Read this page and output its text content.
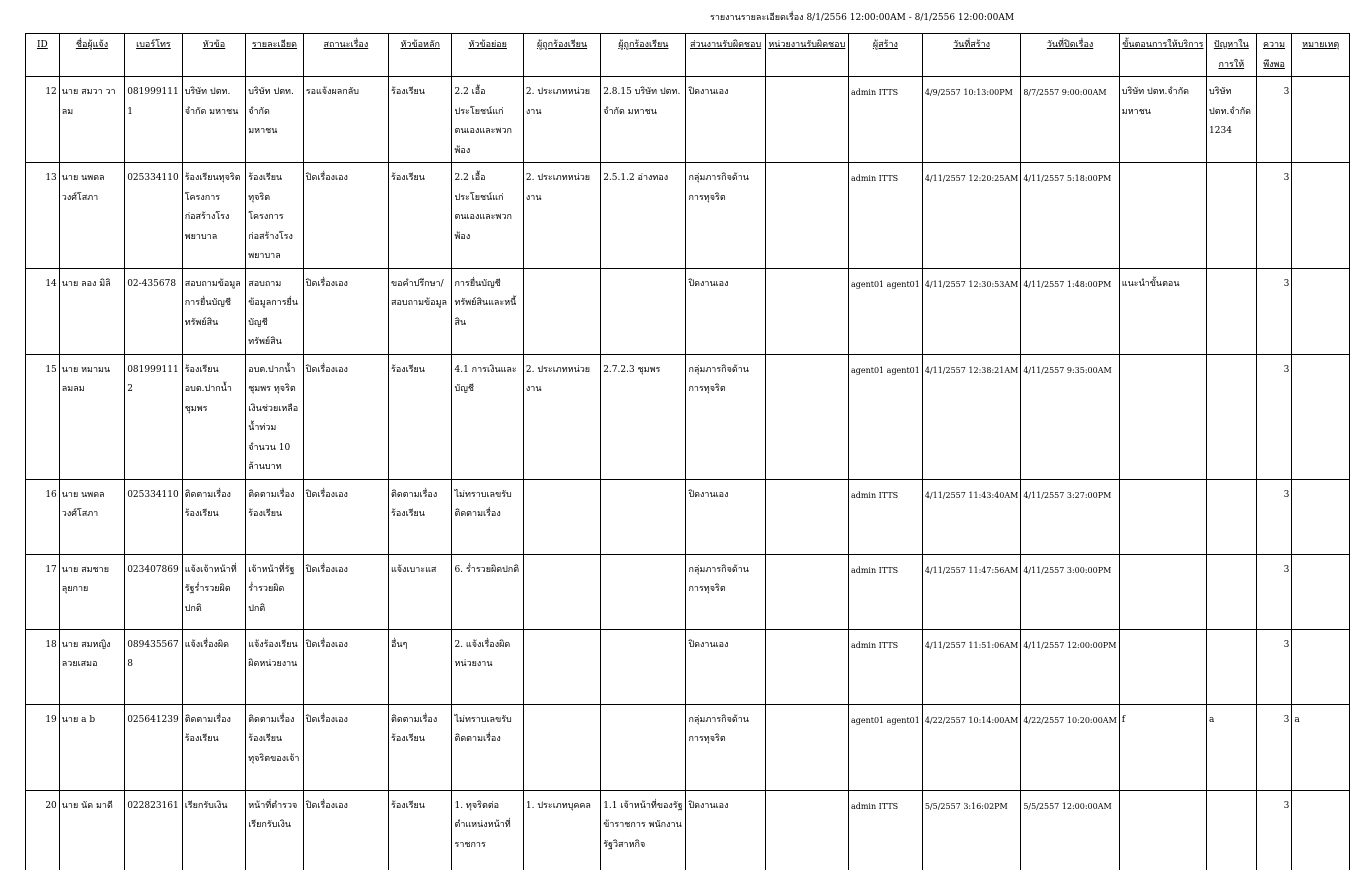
รายงานรายละเอียดเรื่อง 8/1/2556 12:00:00AM - 8/1/2556 12:00:00AM
ID	ชื่อผู้แจ้ง	เบอร์โทร	หัวข้อ	รายละเอียด	สถานะเรื่อง	หัวข้อหลัก	หัวข้อย่อย	ผู้ถูกร้องเรียน	ผู้ถูกร้องเรียน	ส่วนงานรับผิดชอบ	หน่วยงานรับผิดชอบ	ผู้สร้าง	วันที่สร้าง	วันที่ปิดเรื่อง	ขั้นตอนการให้บริการ	ปัญหาในการให้	ความพึงพอ	หมายเหตุ
12	นาย สมวา วา ลม	0819991111	บริษัท ปตท. จำกัด มหาชน	บริษัท ปตท. จำกัด มหาชน	รอแจ้งผลกลับ	ร้องเรียน	2.2 เอื้อประโยชน์แก่ตนเองและพวกพ้อง	2. ประเภทหน่วยงาน	2.8.15 บริษัท ปตท. จำกัด มหาชน	ปิดงานเอง		admin ITTS	4/9/2557 10:13:00PM	8/7/2557 9:00:00AM	บริษัท ปตท.จำกัด มหาชน	บริษัท ปตท.จำกัด 1234	3	
13	นาย นพดล วงศ์โสภา	025334110	ร้องเรียนทุจริตโครงการก่อสร้างโรงพยาบาล	ร้องเรียนทุจริตโครงการก่อสร้างโรงพยาบาล	ปิดเรื่องเอง	ร้องเรียน	2.2 เอื้อประโยชน์แก่ตนเองและพวกพ้อง	2. ประเภทหน่วยงาน	2.5.1.2 อ่างทอง	กลุ่มภารกิจด้านการทุจริต		admin ITTS	4/11/2557 12:20:25AM	4/11/2557 5:18:00PM			3	
14	นาย ลอง มิลิ	02-435678	สอบถามข้อมูลการยื่นบัญชีทรัพย์สิน	สอบถามข้อมูลการยื่นบัญชีทรัพย์สิน	ปิดเรื่องเอง	ขอคำปรึกษา/สอบถามข้อมูล	การยื่นบัญชีทรัพย์สินและหนี้สิน			ปิดงานเอง		agent01 agent01	4/11/2557 12:30:53AM	4/11/2557 1:48:00PM	แนะนำขั้นตอน		3	
15	นาย หมามน ลมลม	0819991112	ร้องเรียน อบต.ปากน้ำ ชุมพร	อบต.ปากน้ำ ชุมพร ทุจริตเงินช่วยเหลือน้ำท่วม จำนวน 10 ล้านบาท	ปิดเรื่องเอง	ร้องเรียน	4.1 การเงินและบัญชี	2. ประเภทหน่วยงาน	2.7.2.3 ชุมพร	กลุ่มภารกิจด้านการทุจริต		agent01 agent01	4/11/2557 12:38:21AM	4/11/2557 9:35:00AM			3	
16	นาย นพดล วงศ์โสภา	025334110	ติดตามเรื่องร้องเรียน	ติดตามเรื่องร้องเรียน	ปิดเรื่องเอง	ติดตามเรื่องร้องเรียน	ไม่ทราบเลขรับติดตามเรื่อง			ปิดงานเอง		admin ITTS	4/11/2557 11:43:40AM	4/11/2557 3:27:00PM			3	
17	นาย สมชาย ลุยกาย	023407869	แจ้งเจ้าหน้าที่รัฐร่ำรวยผิดปกติ	เจ้าหน้าที่รัฐร่ำรวยผิดปกติ	ปิดเรื่องเอง	แจ้งเบาะแส	6. ร่ำรวยผิดปกติ			กลุ่มภารกิจด้านการทุจริต		admin ITTS	4/11/2557 11:47:56AM	4/11/2557 3:00:00PM			3	
18	นาย สมหญิง ลวยเสมอ	0894355678	แจ้งเรื่องผิด	แจ้งร้องเรียนผิดหน่วยงาน	ปิดเรื่องเอง	อื่นๆ	2. แจ้งเรื่องผิดหน่วยงาน			ปิดงานเอง		admin ITTS	4/11/2557 11:51:06AM	4/11/2557 12:00:00PM			3	
19	นาย a b	025641239	ติดตามเรื่องร้องเรียน	ติดตามเรื่องร้องเรียนทุจริตของเจ้า	ปิดเรื่องเอง	ติดตามเรื่องร้องเรียน	ไม่ทราบเลขรับติดตามเรื่อง			กลุ่มภารกิจด้านการทุจริต		agent01 agent01	4/22/2557 10:14:00AM	4/22/2557 10:20:00AM	f	a	3	a
20	นาย นัด มาดี	022823161	เรียกรับเงิน	หน้าที่ตำรวจเรียกรับเงิน	ปิดเรื่องเอง	ร้องเรียน	1. ทุจริตต่อตำแหน่งหน้าที่ราชการ	1. ประเภทบุคคล	1.1 เจ้าหน้าที่ของรัฐข้าราชการ พนักงานรัฐวิสาหกิจ	ปิดงานเอง		admin ITTS	5/5/2557 3:16:02PM	5/5/2557 12:00:00AM			3	
